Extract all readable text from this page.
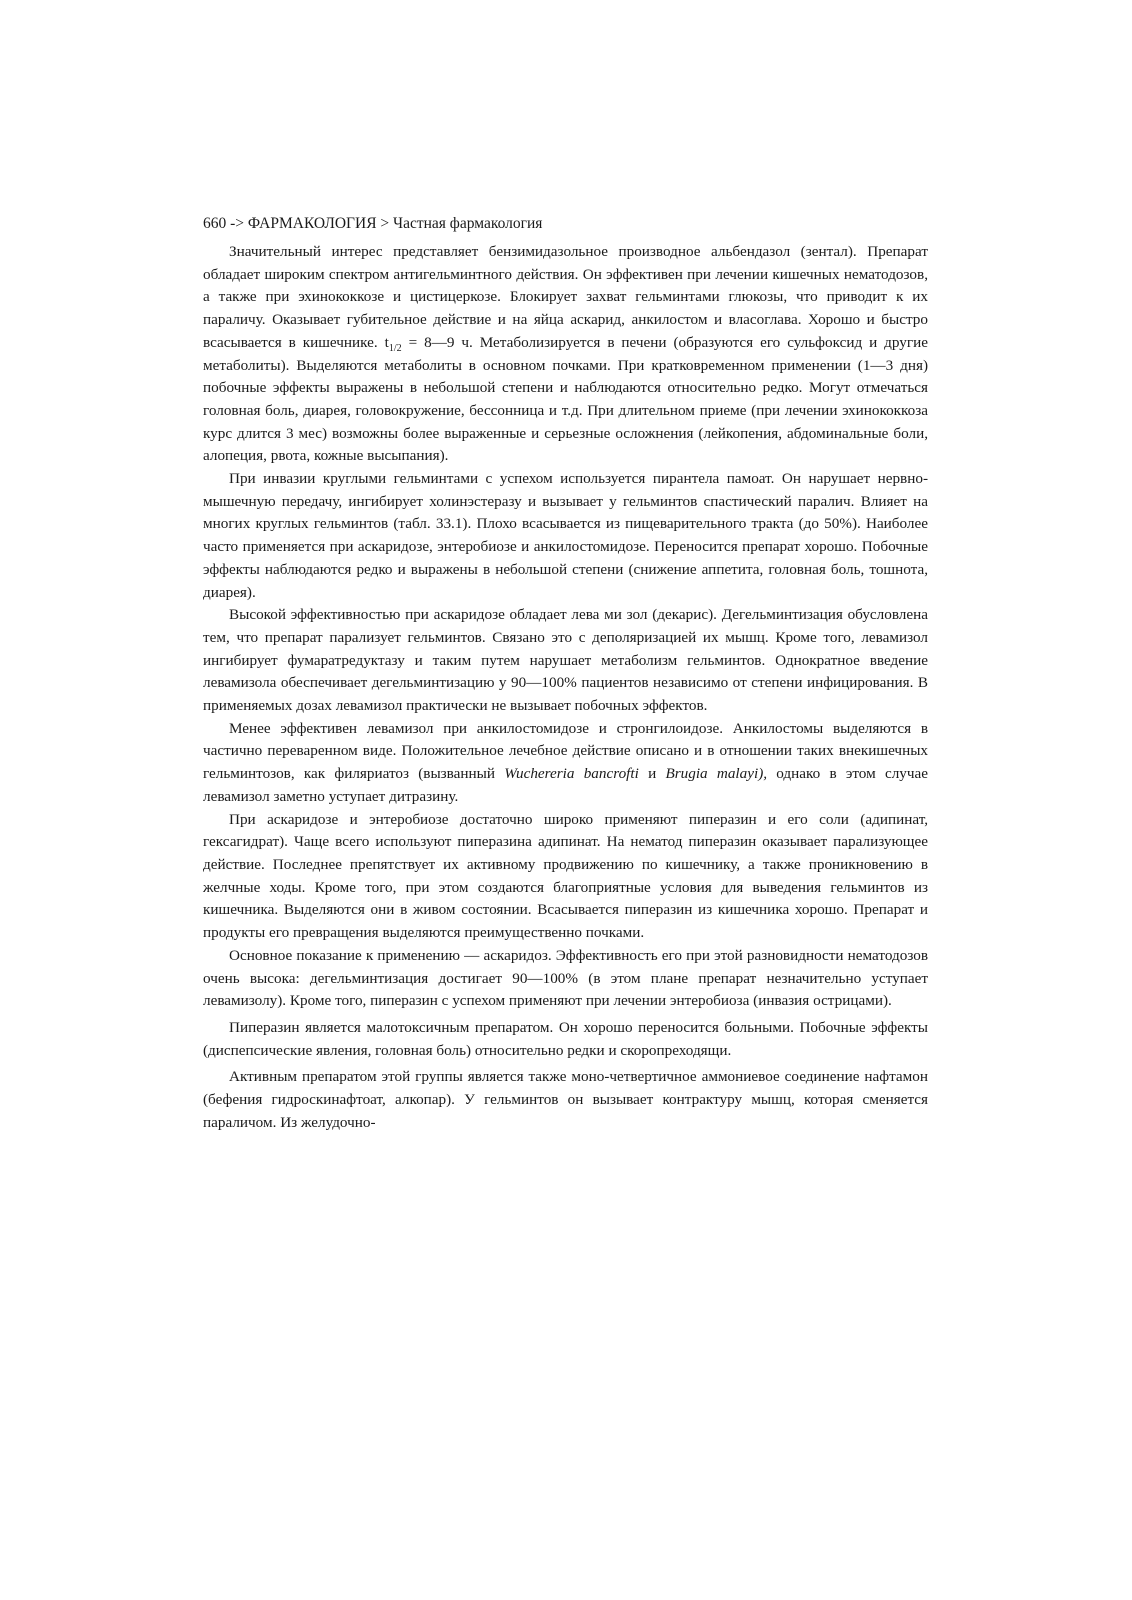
660 -> ФАРМАКОЛОГИЯ > Частная фармакология

Значительный интерес представляет бензимидазольное производное альбендазол (зентал). Препарат обладает широким спектром антигельминтного действия. Он эффективен при лечении кишечных нематодозов, а также при эхинококкозе и цистицеркозе. Блокирует захват гельминтами глюкозы, что приводит к их параличу. Оказывает губительное действие и на яйца аскарид, анкилостом и власоглава. Хорошо и быстро всасывается в кишечнике. $t_{1/2}$ = 8—9 ч. Метаболизируется в печени (образуются его сульфоксид и другие метаболиты). Выделяются метаболиты в основном почками. При кратковременном применении (1—3 дня) побочные эффекты выражены в небольшой степени и наблюдаются относительно редко. Могут отмечаться головная боль, диарея, головокружение, бессонница и т.д. При длительном приеме (при лечении эхинококкоза курс длится 3 мес) возможны более выраженные и серьезные осложнения (лейкопения, абдоминальные боли, алопеция, рвота, кожные высыпания).

При инвазии круглыми гельминтами с успехом используется пирантела памоат. Он нарушает нервно-мышечную передачу, ингибирует холинэстеразу и вызывает у гельминтов спастический паралич. Влияет на многих круглых гельминтов (табл. 33.1). Плохо всасывается из пищеварительного тракта (до 50%). Наиболее часто применяется при аскаридозе, энтеробиозе и анкилостомидозе. Переносится препарат хорошо. Побочные эффекты наблюдаются редко и выражены в небольшой степени (снижение аппетита, головная боль, тошнота, диарея).

Высокой эффективностью при аскаридозе обладает лева ми зол (декарис). Дегельминтизация обусловлена тем, что препарат парализует гельминтов. Связано это с деполяризацией их мышц. Кроме того, левамизол ингибирует фумаратредуктазу и таким путем нарушает метаболизм гельминтов. Однократное введение левамизола обеспечивает дегельминтизацию у 90—100% пациентов независимо от степени инфицирования. В применяемых дозах левамизол практически не вызывает побочных эффектов.

Менее эффективен левамизол при анкилостомидозе и стронгилоидозе. Анкилостомы выделяются в частично переваренном виде. Положительное лечебное действие описано и в отношении таких внекишечных гельминтозов, как филяриатоз (вызванный Wuchereria bancrofti и Brugia malayi), однако в этом случае левамизол заметно уступает дитразину.

При аскаридозе и энтеробиозе достаточно широко применяют пиперазин и его соли (адипинат, гексагидрат). Чаще всего используют пиперазина адипинат. На нематод пиперазин оказывает парализующее действие. Последнее препятствует их активному продвижению по кишечнику, а также проникновению в желчные ходы. Кроме того, при этом создаются благоприятные условия для выведения гельминтов из кишечника. Выделяются они в живом состоянии. Всасывается пиперазин из кишечника хорошо. Препарат и продукты его превращения выделяются преимущественно почками.

Основное показание к применению — аскаридоз. Эффективность его при этой разновидности нематодозов очень высока: дегельминтизация достигает 90—100% (в этом плане препарат незначительно уступает левамизолу). Кроме того, пиперазин с успехом применяют при лечении энтеробиоза (инвазия острицами).

Пиперазин является малотоксичным препаратом. Он хорошо переносится больными. Побочные эффекты (диспепсические явления, головная боль) относительно редки и скоропреходящи.

Активным препаратом этой группы является также моно-четвертичное аммониевое соединение нафтамон (бефения гидроскинафтоат, алкопар). У гельминтов он вызывает контрактуру мышц, которая сменяется параличом. Из желудочно-
